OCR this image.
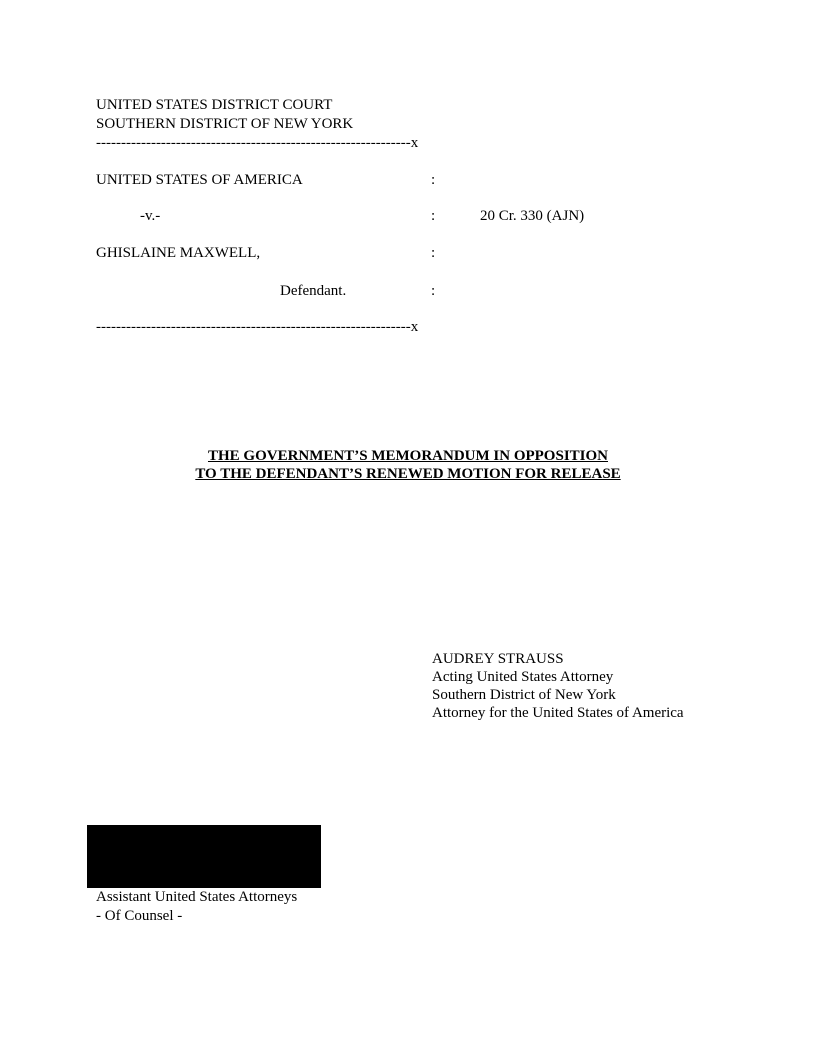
UNITED STATES DISTRICT COURT
SOUTHERN DISTRICT OF NEW YORK
---------------------------------------------------------------x
UNITED STATES OF AMERICA	:
-v.-	:	20 Cr. 330 (AJN)
GHISLAINE MAXWELL,	:
Defendant.	:
---------------------------------------------------------------x
THE GOVERNMENT’S MEMORANDUM IN OPPOSITION
TO THE DEFENDANT’S RENEWED MOTION FOR RELEASE
AUDREY STRAUSS
Acting United States Attorney
Southern District of New York
Attorney for the United States of America
Assistant United States Attorneys
- Of Counsel -
